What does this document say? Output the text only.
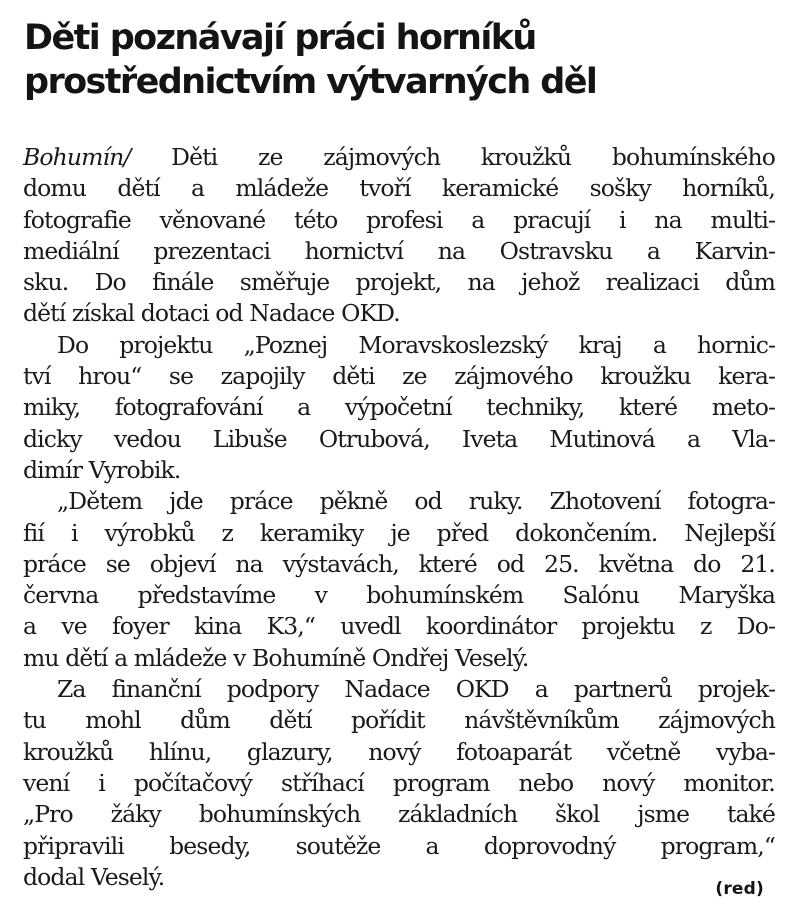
Děti poznávají práci horníků
prostřednictvím výtvarných děl
Bohumín/ Děti ze zájmových kroužků bohumínského
domu dětí a mládeže tvoří keramické sošky horníků,
fotografie věnované této profesi a pracují i na multi-
mediální prezentaci hornictví na Ostravsku a Karvin-
sku. Do finále směřuje projekt, na jehož realizaci dům
dětí získal dotaci od Nadace OKD.
Do projektu „Poznej Moravskoslezský kraj a hornic-
tví hrou“ se zapojily děti ze zájmového kroužku kera-
miky, fotografování a výpočetní techniky, které meto-
dicky vedou Libuše Otrubová, Iveta Mutinová a Vla-
dimír Vyrobik.
„Dětem jde práce pěkně od ruky. Zhotovení fotogra-
fií i výrobků z keramiky je před dokončením. Nejlepší
práce se objeví na výstavách, které od 25. května do 21.
června představíme v bohumínském Salónu Maryška
a ve foyer kina K3,“ uvedl koordinátor projektu z Do-
mu dětí a mládeže v Bohumíně Ondřej Veselý.
Za finanční podpory Nadace OKD a partnerů projek-
tu mohl dům dětí pořídit návštěvníkům zájmových
kroužků hlínu, glazury, nový fotoaparát včetně vyba-
vení i počítačový stříhací program nebo nový monitor.
„Pro žáky bohumínských základních škol jsme také
připravili besedy, soutěže a doprovodný program,“
dodal Veselý.	(red)
